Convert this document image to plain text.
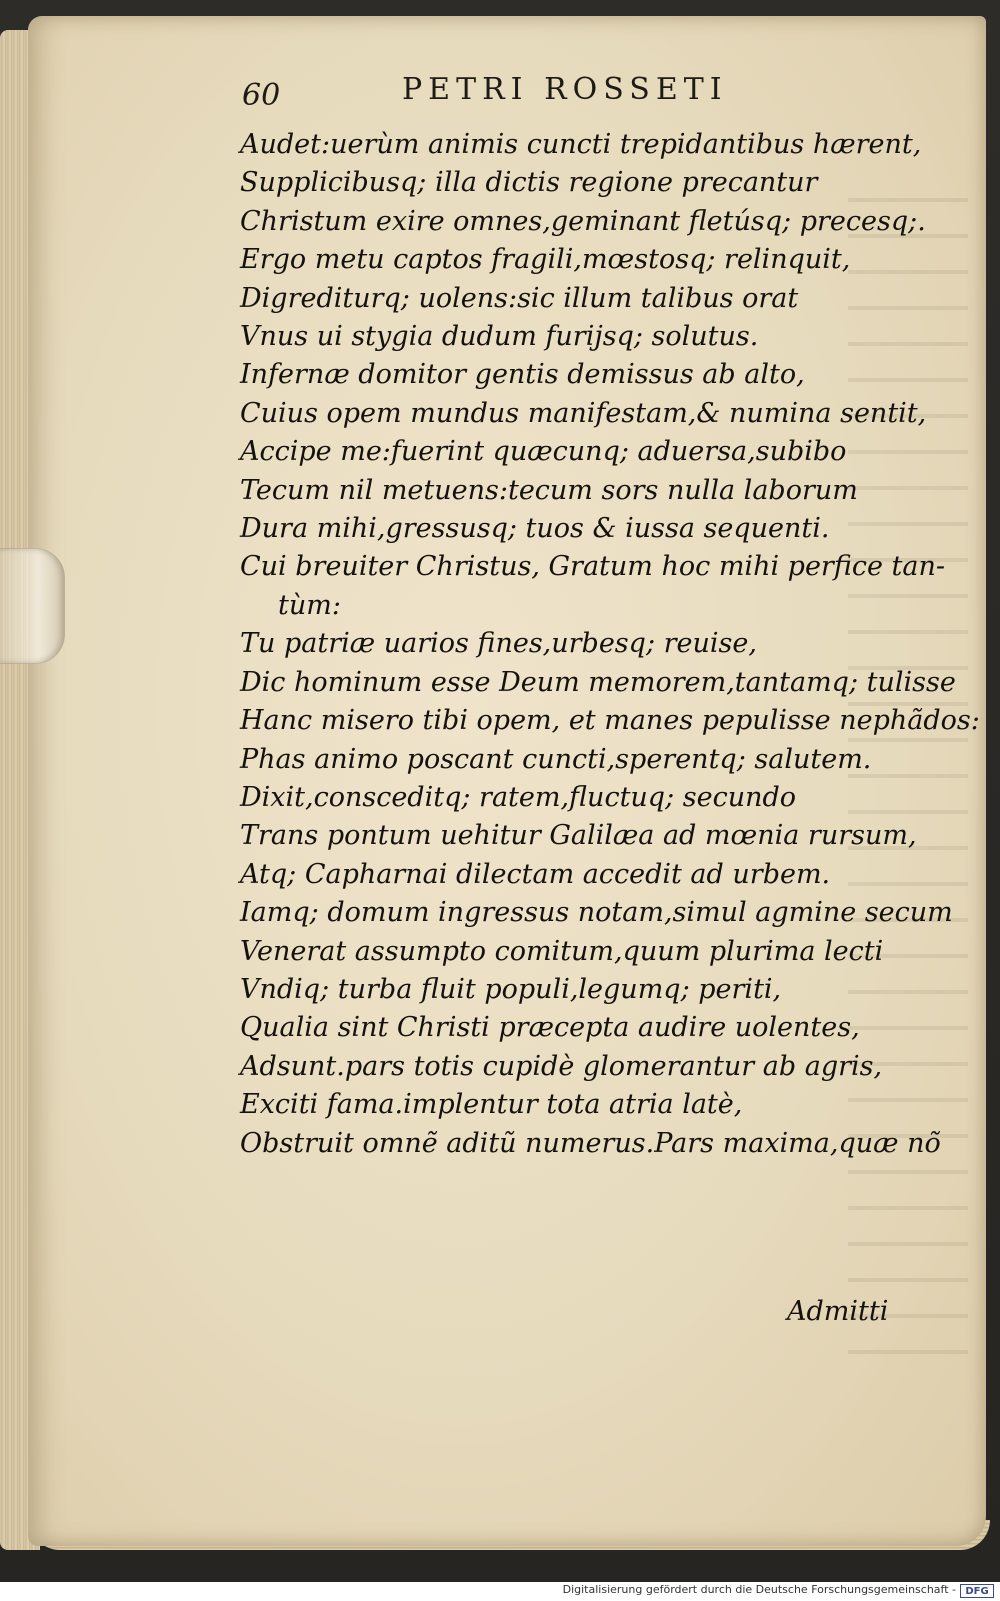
60	PETRI ROSSETI
Audet:uerùm animis cuncti trepidantibus hærent,
Supplicibusq; illa dictis regione precantur
Christum exire omnes,geminant fletúsq; precesq;.
Ergo metu captos fragili,mœstosq; relinquit,
Digrediturq; uolens:sic illum talibus orat
Vnus ui stygia dudum furijsq; solutus.
Infernæ domitor gentis demissus ab alto,
Cuius opem mundus manifestam,& numina sentit,
Accipe me:fuerint quæcunq; aduersa,subibo
Tecum nil metuens:tecum sors nulla laborum
Dura mihi,gressusq; tuos & iussa sequenti.
Cui breuiter Christus, Gratum hoc mihi perfice tan-
tùm:
Tu patriæ uarios fines,urbesq; reuise,
Dic hominum esse Deum memorem,tantamq; tulisse
Hanc misero tibi opem, et manes pepulisse nephãdos:
Phas animo poscant cuncti,sperentq; salutem.
Dixit,consceditq; ratem,fluctuq; secundo
Trans pontum uehitur Galilæa ad mœnia rursum,
Atq; Capharnai dilectam accedit ad urbem.
Iamq; domum ingressus notam,simul agmine secum
Venerat assumpto comitum,quum plurima lecti
Vndiq; turba fluit populi,legumq; periti,
Qualia sint Christi præcepta audire uolentes,
Adsunt.pars totis cupidè glomerantur ab agris,
Exciti fama.implentur tota atria latè,
Obstruit omnẽ aditũ numerus.Pars maxima,quæ nõ
Admitti
Digitalisierung gefördert durch die Deutsche Forschungsgemeinschaft - DFG
